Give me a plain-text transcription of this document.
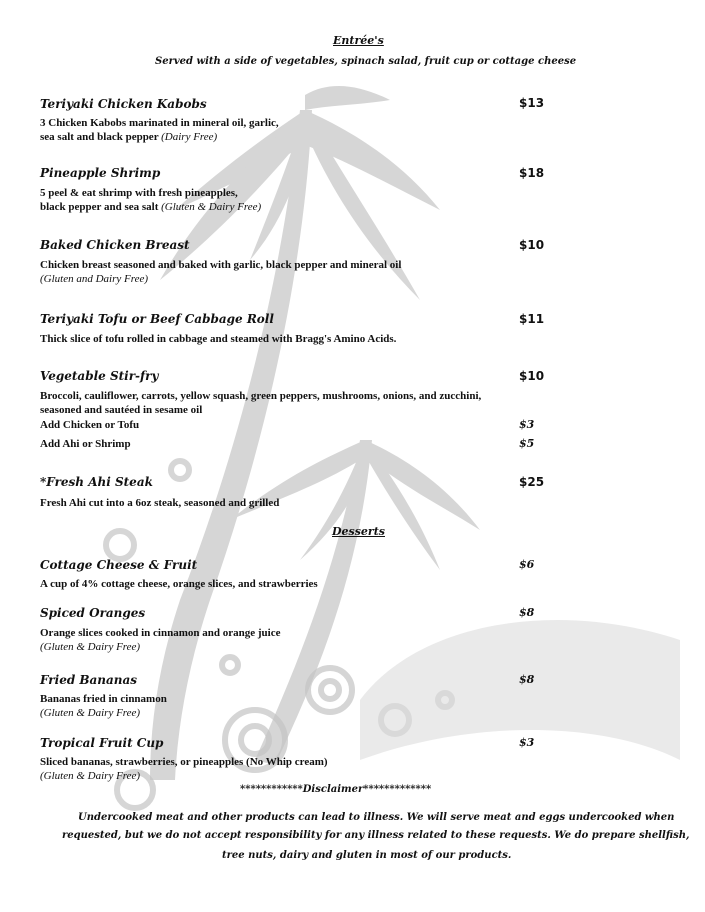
Entrée's
Served with a side of vegetables, spinach salad, fruit cup or cottage cheese
Teriyaki Chicken Kabobs	$13
3 Chicken Kabobs marinated in mineral oil, garlic,
sea salt and black pepper (Dairy Free)
Pineapple Shrimp	$18
5 peel & eat shrimp with fresh pineapples,
black pepper and sea salt (Gluten & Dairy Free)
Baked Chicken Breast	$10
Chicken breast seasoned and baked with garlic, black pepper and mineral oil
(Gluten and Dairy Free)
Teriyaki Tofu or Beef Cabbage Roll	$11
Thick slice of tofu rolled in cabbage and steamed with Bragg's Amino Acids.
Vegetable Stir-fry	$10
Broccoli, cauliflower, carrots, yellow squash, green peppers, mushrooms, onions, and zucchini,
seasoned and sautéed in sesame oil
Add Chicken or Tofu	$3
Add Ahi or Shrimp	$5
*Fresh Ahi Steak	$25
Fresh Ahi cut into a 6oz steak, seasoned and grilled
Desserts
Cottage Cheese & Fruit	$6
A cup of 4% cottage cheese, orange slices, and strawberries
Spiced Oranges	$8
Orange slices cooked in cinnamon and orange juice
(Gluten & Dairy Free)
Fried Bananas	$8
Bananas fried in cinnamon
(Gluten & Dairy Free)
Tropical Fruit Cup	$3
Sliced bananas, strawberries, or pineapples (No Whip cream)
(Gluten & Dairy Free)
************Disclaimer*************
Undercooked meat and other products can lead to illness. We will serve meat and eggs undercooked when
requested, but we do not accept responsibility for any illness related to these requests. We do prepare shellfish,
tree nuts, dairy and gluten in most of our products.
